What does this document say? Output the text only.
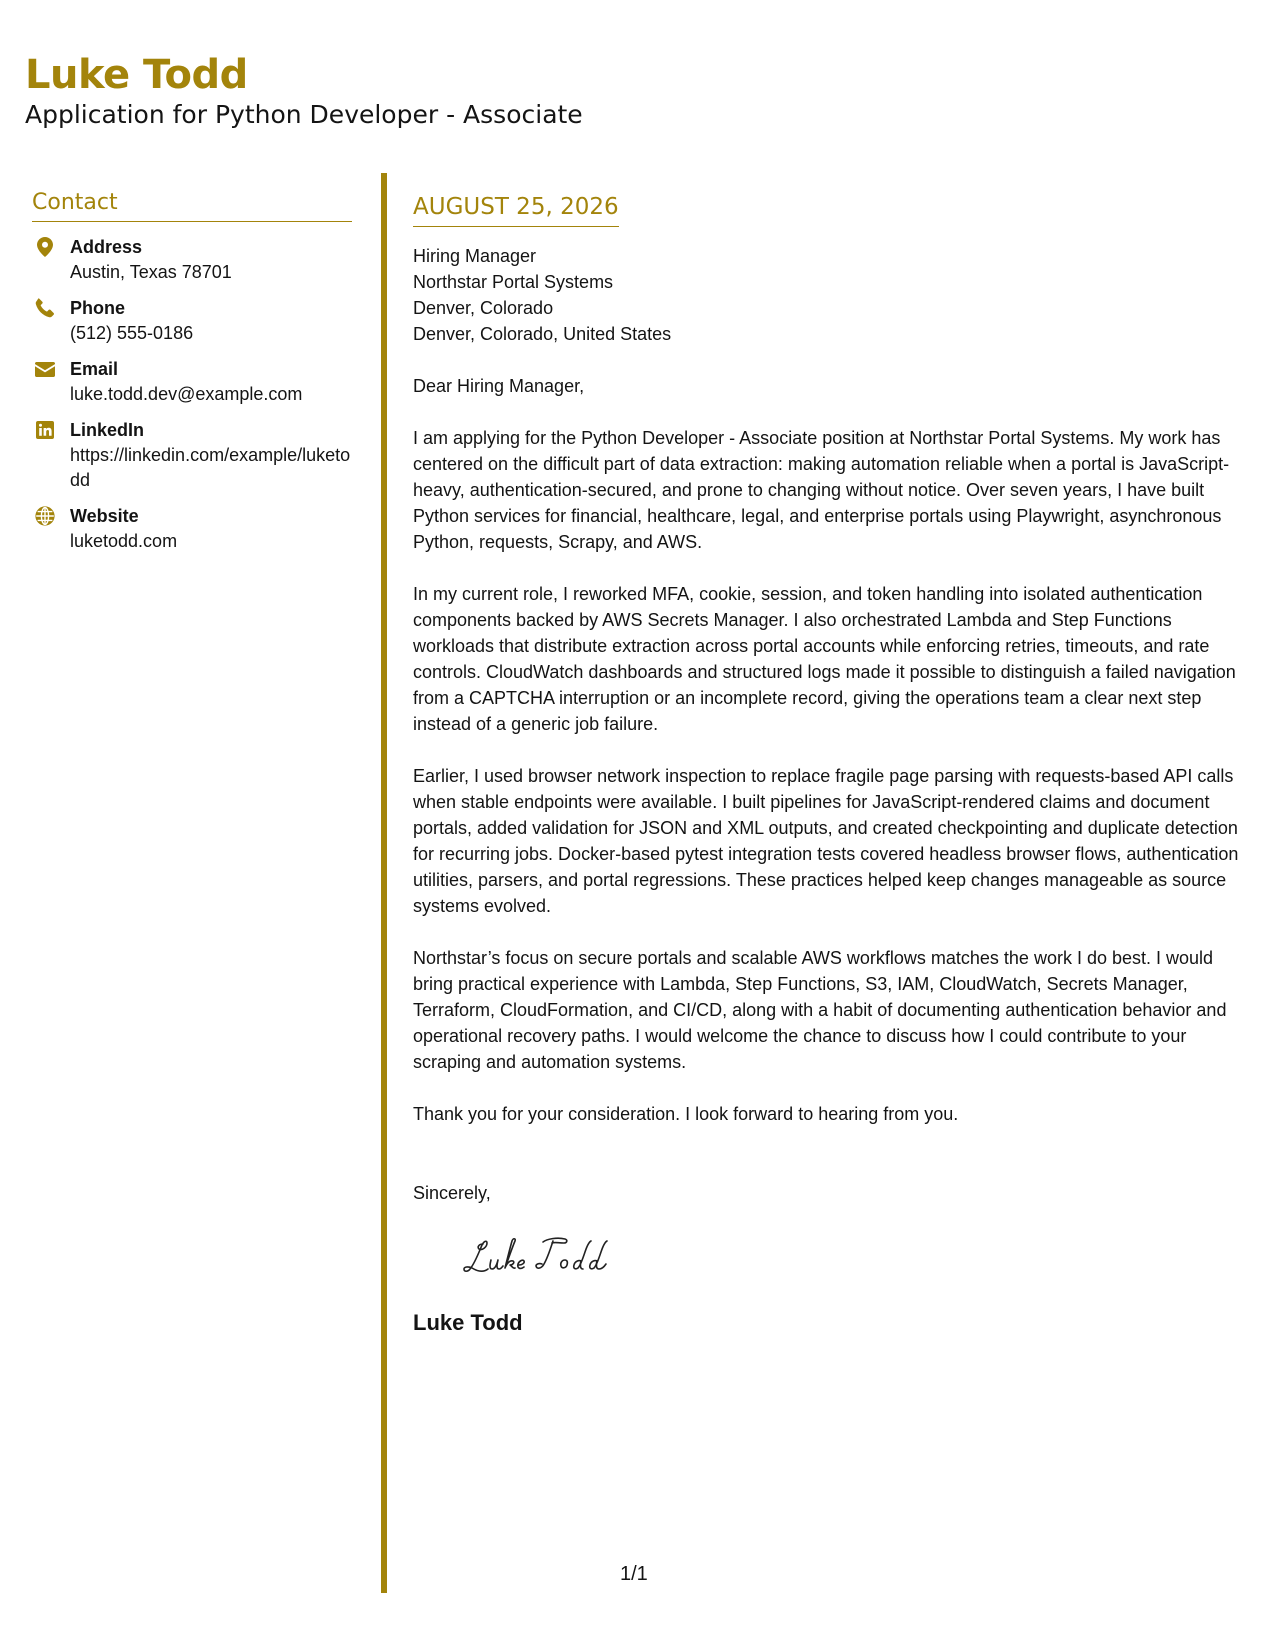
Luke Todd
Application for Python Developer - Associate
Contact
Address
Austin, Texas 78701
Phone
(512) 555-0186
Email
luke.todd.dev@example.com
LinkedIn
https://linkedin.com/example/luketodd
Website
luketodd.com
AUGUST 25, 2026
Hiring Manager
Northstar Portal Systems
Denver, Colorado
Denver, Colorado, United States

Dear Hiring Manager,

I am applying for the Python Developer - Associate position at Northstar Portal Systems. My work has centered on the difficult part of data extraction: making automation reliable when a portal is JavaScript-heavy, authentication-secured, and prone to changing without notice. Over seven years, I have built Python services for financial, healthcare, legal, and enterprise portals using Playwright, asynchronous Python, requests, Scrapy, and AWS.

In my current role, I reworked MFA, cookie, session, and token handling into isolated authentication components backed by AWS Secrets Manager. I also orchestrated Lambda and Step Functions workloads that distribute extraction across portal accounts while enforcing retries, timeouts, and rate controls. CloudWatch dashboards and structured logs made it possible to distinguish a failed navigation from a CAPTCHA interruption or an incomplete record, giving the operations team a clear next step instead of a generic job failure.

Earlier, I used browser network inspection to replace fragile page parsing with requests-based API calls when stable endpoints were available. I built pipelines for JavaScript-rendered claims and document portals, added validation for JSON and XML outputs, and created checkpointing and duplicate detection for recurring jobs. Docker-based pytest integration tests covered headless browser flows, authentication utilities, parsers, and portal regressions. These practices helped keep changes manageable as source systems evolved.

Northstar’s focus on secure portals and scalable AWS workflows matches the work I do best. I would bring practical experience with Lambda, Step Functions, S3, IAM, CloudWatch, Secrets Manager, Terraform, CloudFormation, and CI/CD, along with a habit of documenting authentication behavior and operational recovery paths. I would welcome the chance to discuss how I could contribute to your scraping and automation systems.

Thank you for your consideration. I look forward to hearing from you.

Sincerely,

Luke Todd

1/1
